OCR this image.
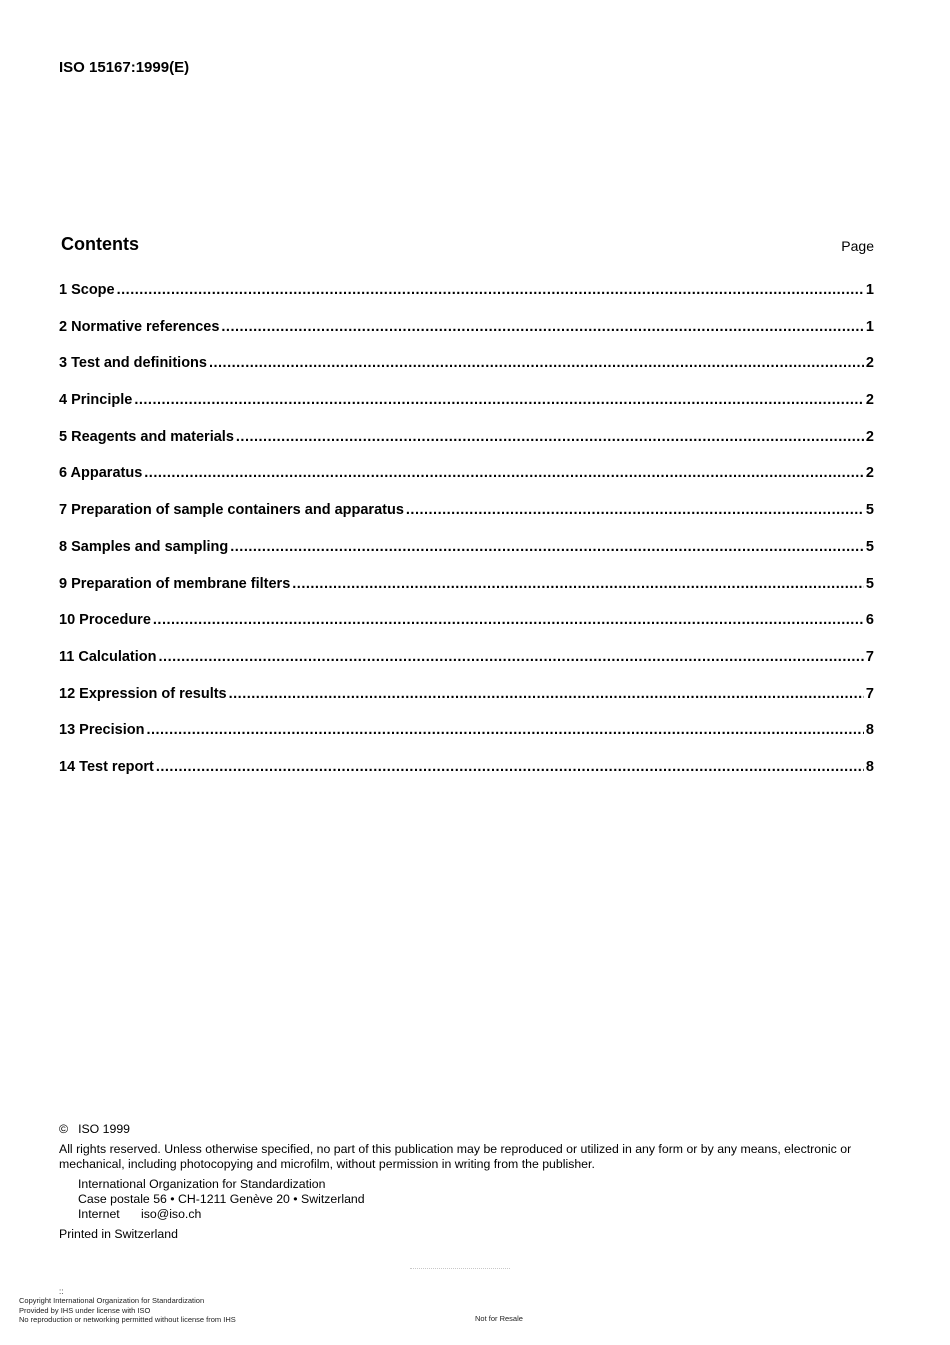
ISO 15167:1999(E)
Contents	Page
1 Scope .....	1
2 Normative references .....	1
3 Test and definitions .....	2
4 Principle .....	2
5 Reagents and materials .....	2
6 Apparatus .....	2
7 Preparation of sample containers and apparatus .....	5
8 Samples and sampling .....	5
9 Preparation of membrane filters .....	5
10 Procedure .....	6
11 Calculation .....	7
12 Expression of results .....	7
13 Precision .....	8
14 Test report .....	8

© ISO 1999

All rights reserved. Unless otherwise specified, no part of this publication may be reproduced or utilized in any form or by any means, electronic or mechanical, including photocopying and microfilm, without permission in writing from the publisher.

International Organization for Standardization
Case postale 56 • CH-1211 Genève 20 • Switzerland
Internet iso@iso.ch

Printed in Switzerland

::
Copyright International Organization for Standardization
Provided by IHS under license with ISO
No reproduction or networking permitted without license from IHS	Not for Resale
